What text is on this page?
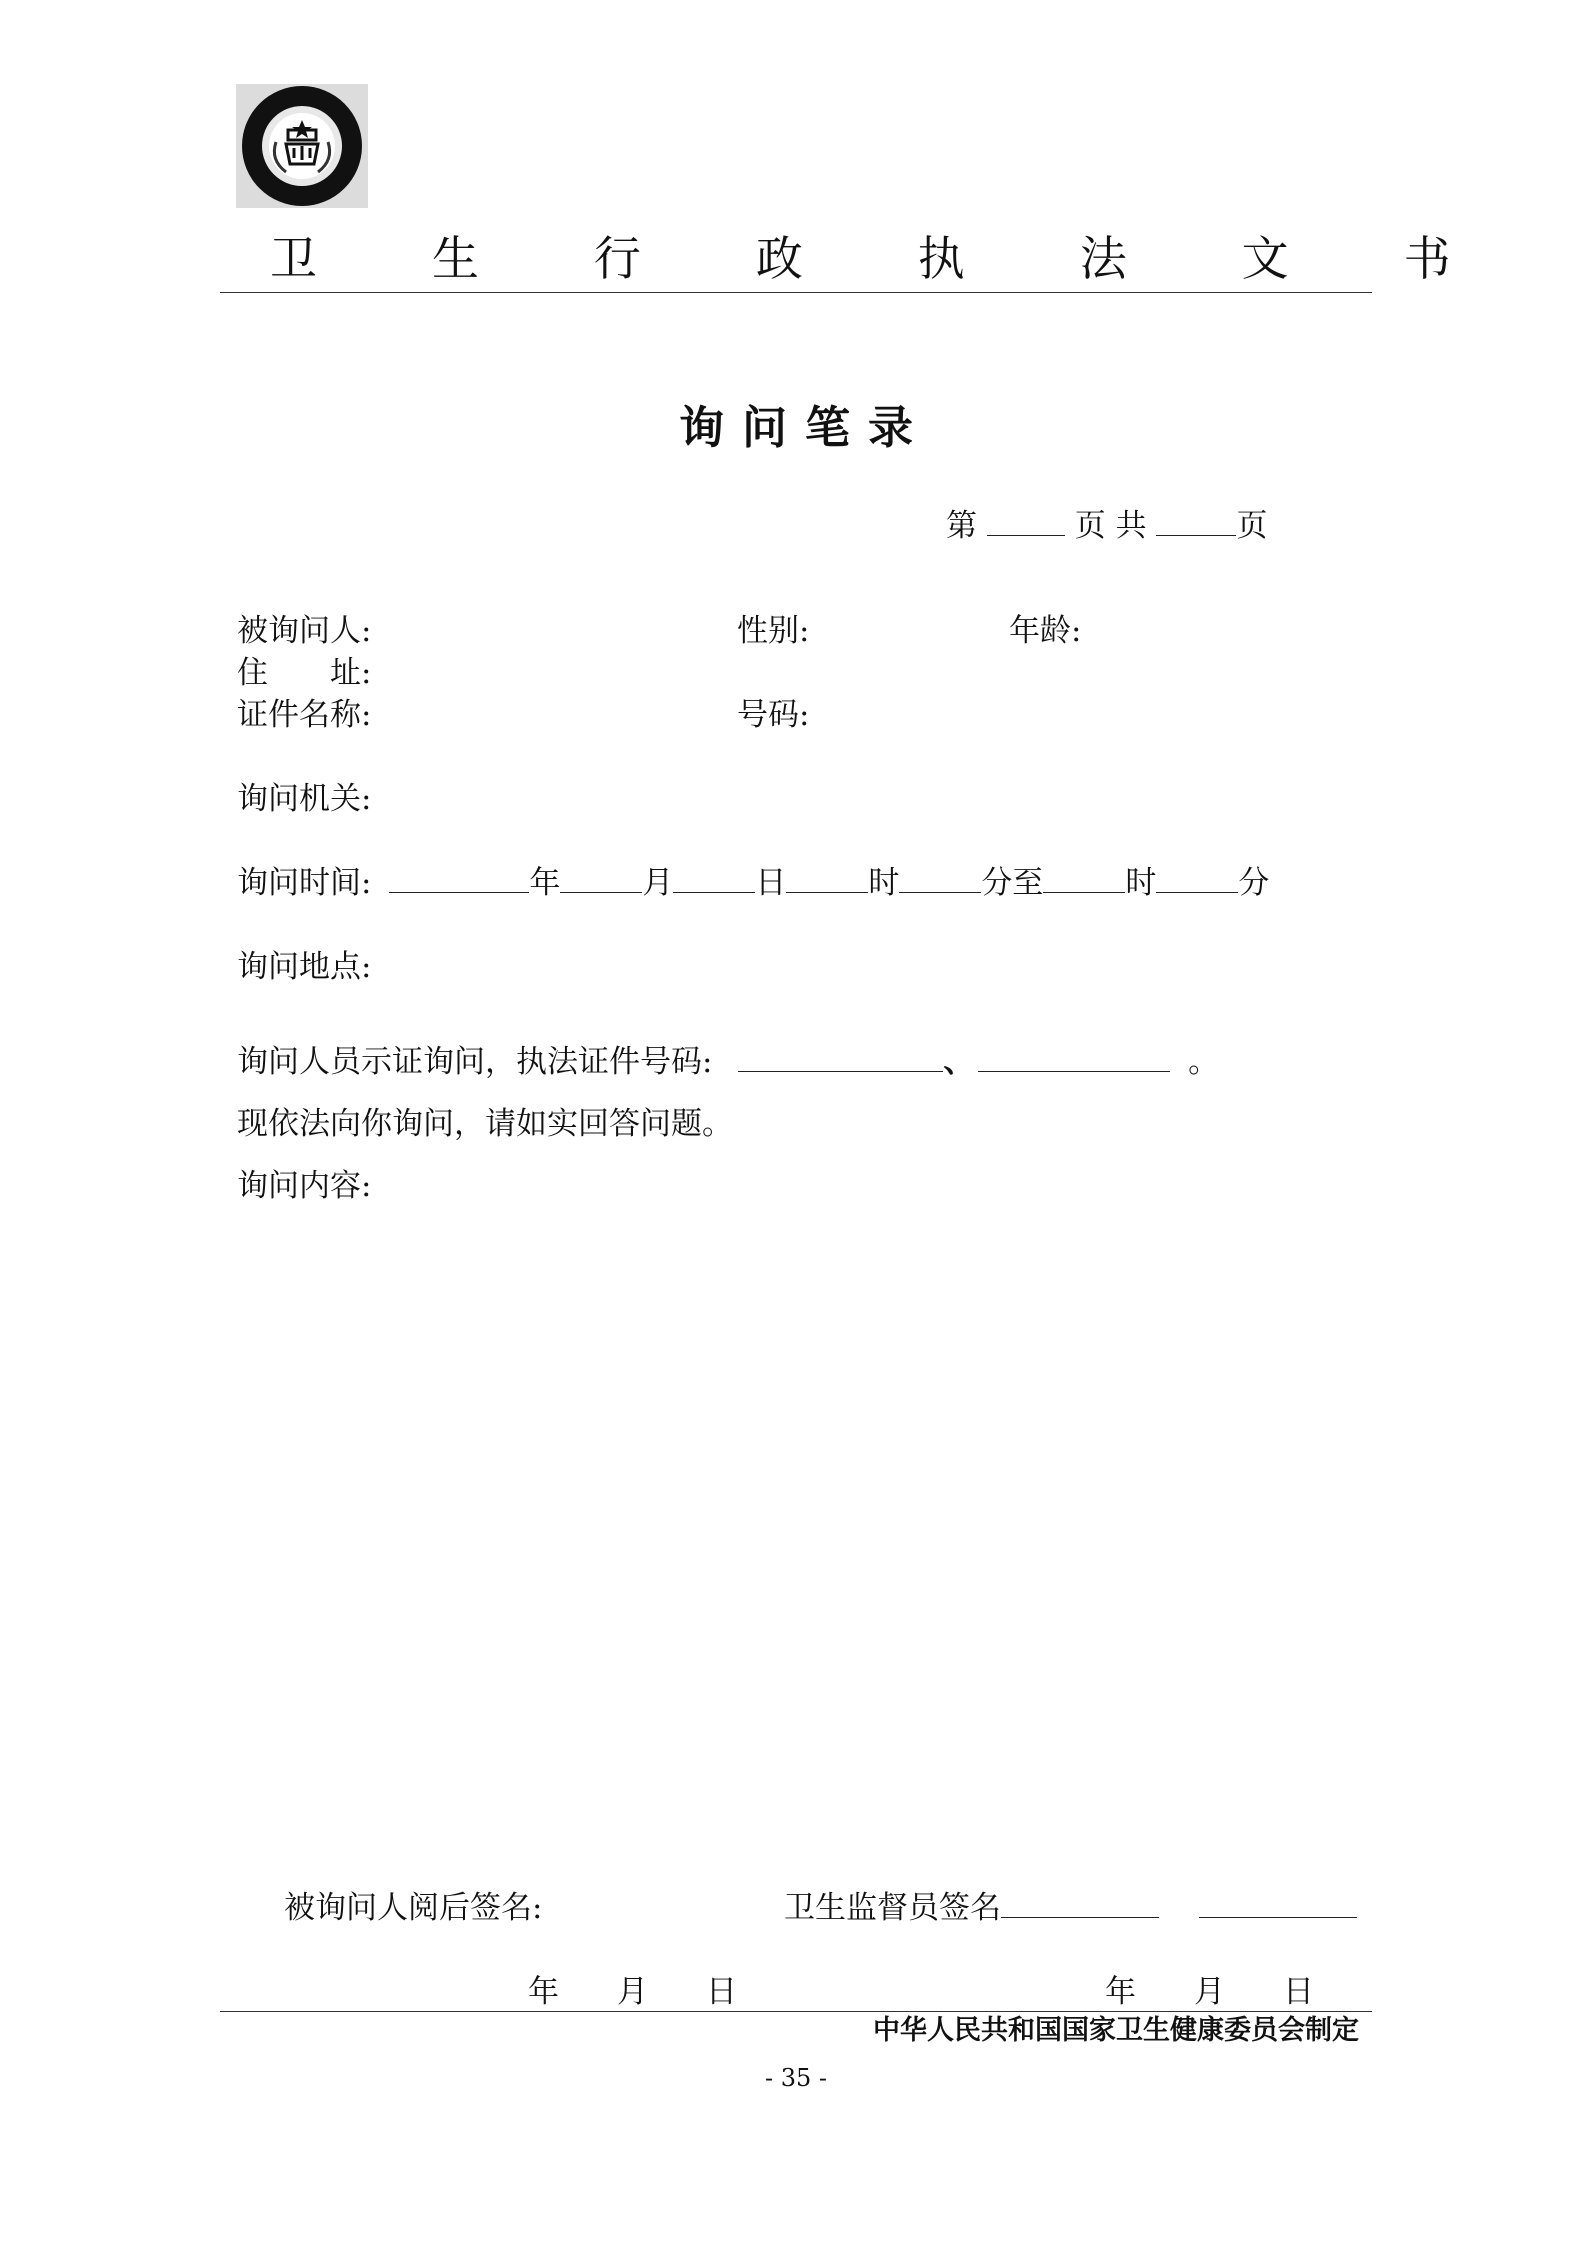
卫 生 行 政 执 法 文 书
询问笔录
第	页 共	页
被询问人:	性别:	年龄:
住　　址:
证件名称:	号码:
询问机关:
询问时间:	年	月	日	时	分至	时	分
询问地点:
询问人员示证询问，执法证件号码:	、	。
现依法向你询问，请如实回答问题。
询问内容:
被询问人阅后签名:	卫生监督员签名
年 月 日	年 月 日
中华人民共和国国家卫生健康委员会制定
- 35 -
